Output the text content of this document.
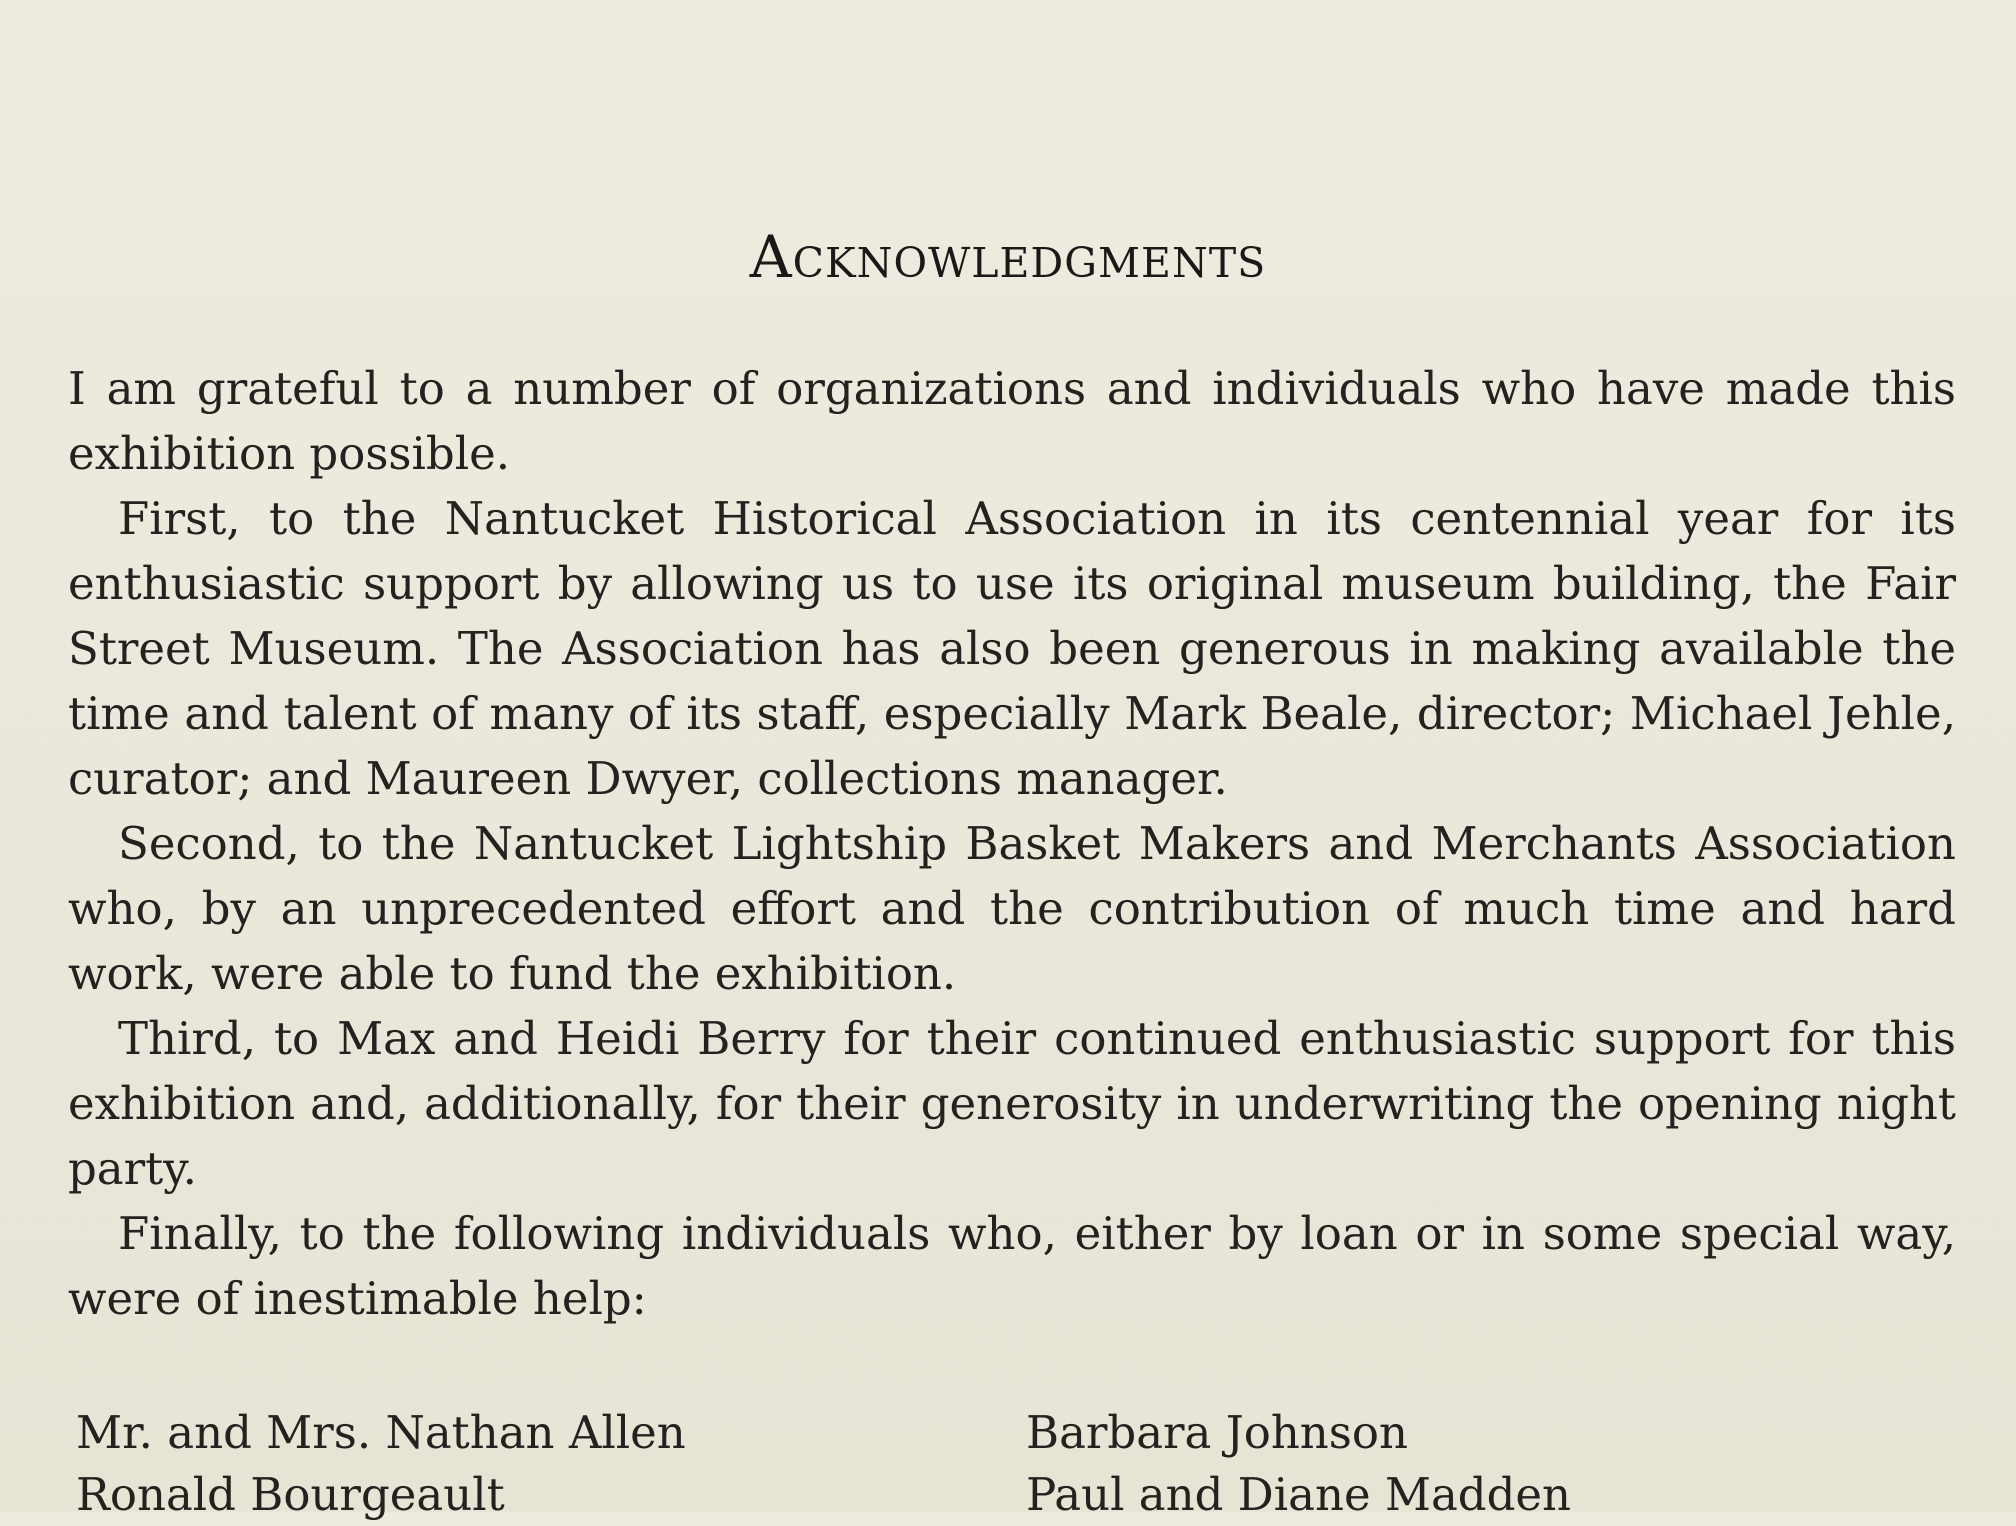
Acknowledgments

I am grateful to a number of organizations and individuals who have made this exhibition possible.

First, to the Nantucket Historical Association in its centennial year for its enthusiastic support by allowing us to use its original museum building, the Fair Street Museum. The Association has also been generous in making available the time and talent of many of its staff, especially Mark Beale, director; Michael Jehle, curator; and Maureen Dwyer, collections manager.

Second, to the Nantucket Lightship Basket Makers and Merchants Association who, by an unprecedented effort and the contribution of much time and hard work, were able to fund the exhibition.

Third, to Max and Heidi Berry for their continued enthusiastic support for this exhibition and, additionally, for their generosity in underwriting the opening night party.

Finally, to the following individuals who, either by loan or in some special way, were of inestimable help:

Mr. and Mrs. Nathan Allen
Ronald Bourgeault
Barbara Johnson
Paul and Diane Madden
